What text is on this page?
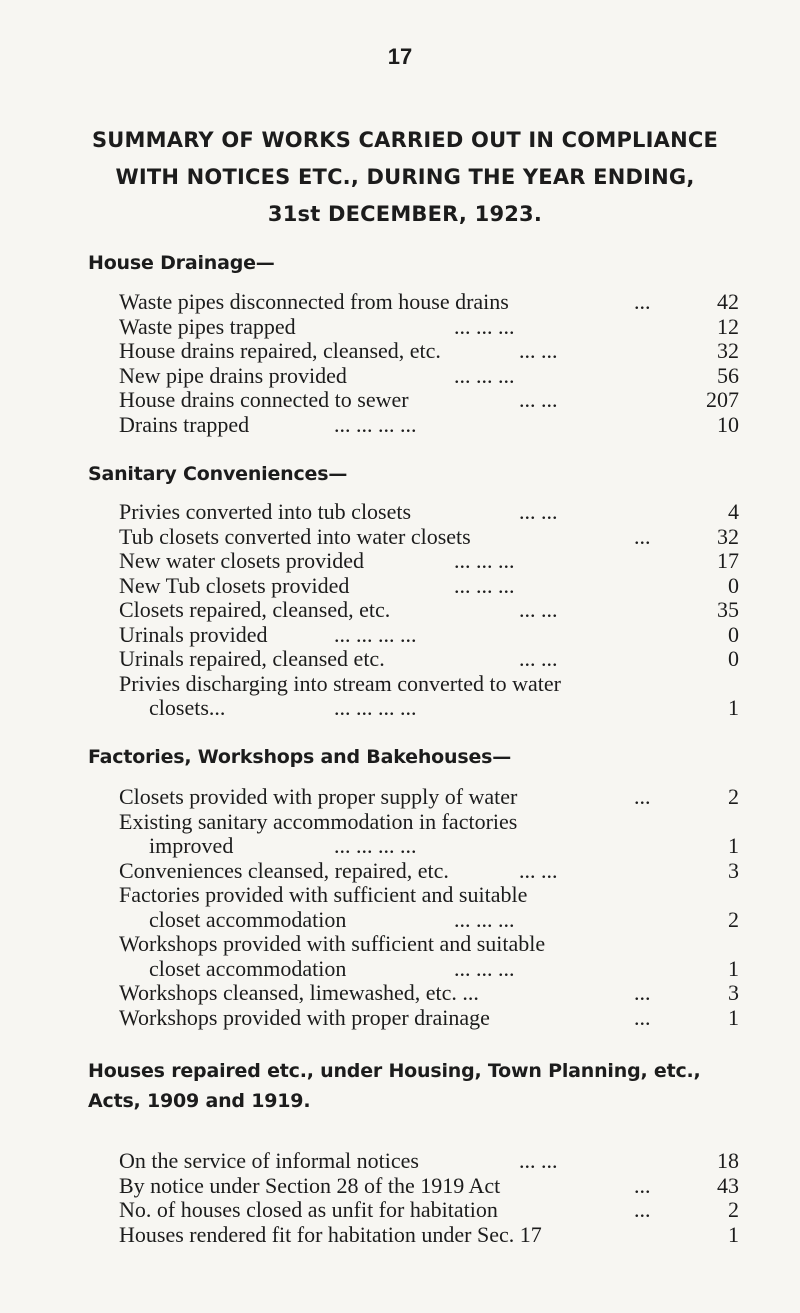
17
SUMMARY OF WORKS CARRIED OUT IN COMPLIANCE
WITH NOTICES ETC., DURING THE YEAR ENDING,
31st DECEMBER, 1923.
House Drainage—
Waste pipes disconnected from house drains	...	42
Waste pipes trapped	... ... ...	12
House drains repaired, cleansed, etc.	... ...	32
New pipe drains provided	... ... ...	56
House drains connected to sewer	... ...	207
Drains trapped	... ... ... ...	10
Sanitary Conveniences—
Privies converted into tub closets	... ...	4
Tub closets converted into water closets	...	32
New water closets provided	... ... ...	17
New Tub closets provided	... ... ...	0
Closets repaired, cleansed, etc.	... ...	35
Urinals provided	... ... ... ...	0
Urinals repaired, cleansed etc.	... ...	0
Privies discharging into stream converted to water
closets...	... ... ... ...	1
Factories, Workshops and Bakehouses—
Closets provided with proper supply of water	...	2
Existing sanitary accommodation in factories
improved	... ... ... ...	1
Conveniences cleansed, repaired, etc.	... ...	3
Factories provided with sufficient and suitable
closet accommodation	... ... ...	2
Workshops provided with sufficient and suitable
closet accommodation	... ... ...	1
Workshops cleansed, limewashed, etc. ...	...	3
Workshops provided with proper drainage	...	1
Houses repaired etc., under Housing, Town Planning, etc.,
Acts, 1909 and 1919.
On the service of informal notices	... ...	18
By notice under Section 28 of the 1919 Act	...	43
No. of houses closed as unfit for habitation	...	2
Houses rendered fit for habitation under Sec. 17	1
